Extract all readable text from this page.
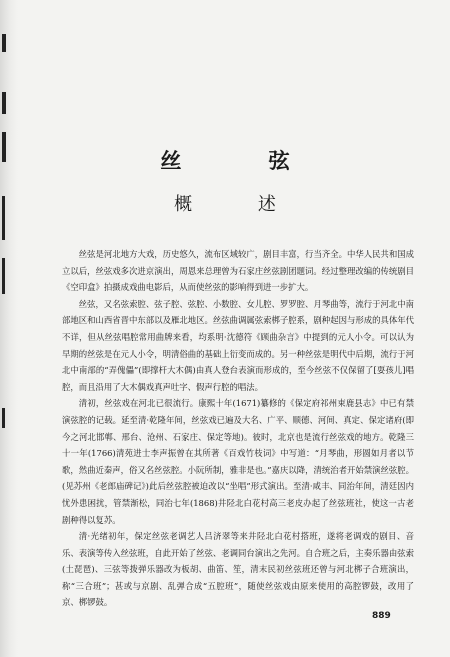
丝 弦
概 述

丝弦是河北地方大戏，历史悠久，流布区域较广，剧目丰富，行当齐全。中华人民共和国成立以后，丝弦戏多次进京演出，周恩来总理曾为石家庄丝弦剧团题词。经过整理改编的传统剧目《空印盒》拍摄成戏曲电影后，从而使丝弦的影响得到进一步扩大。

丝弦，又名弦索腔、弦子腔、弦腔、小数腔、女儿腔、罗罗腔、月琴曲等，流行于河北中南部地区和山西省晋中东部以及雁北地区。丝弦曲调属弦索梆子腔系，剧种起因与形成的具体年代不详，但从丝弦唱腔常用曲牌来看，均系明·沈德符《顾曲杂言》中提到的元人小令。可以认为早期的丝弦是在元人小令，明清俗曲的基础上衍变而成的。另一种丝弦是明代中后期，流行于河北中南部的“弄傀儡”(即撑杆大木偶)由真人登台表演而形成的，至今丝弦不仅保留了[耍孩儿]唱腔，而且沿用了大木偶戏真声吐字、假声行腔的唱法。

清初，丝弦戏在河北已很流行。康熙十年(1671)纂修的《保定府祁州束鹿县志》中已有禁演弦腔的记载。延至清·乾隆年间，丝弦戏已遍及大名、广平、顺德、河间、真定、保定诸府(即今之河北邯郸、邢台、沧州、石家庄、保定等地)。彼时，北京也是流行丝弦戏的地方。乾隆三十一年(1766)清苑进士李声振曾在其所著《百戏竹枝词》中写道：“月琴曲，形圆如月者以节歌，然曲近秦声，俗又名丝弦腔。小阮所制，雅非是也。”嘉庆以降，清统治者开始禁演丝弦腔。(见苏州《老郎庙碑记》)此后丝弦腔被迫改以“坐唱”形式演出。至清·咸丰、同治年间，清廷因内忧外患困扰，管禁渐松，同治七年(1868)井陉北白花村高三老皮办起了丝弦班社，使这一古老剧种得以复苏。

清·光绪初年，保定丝弦老调艺人吕济翠等来井陉北白花村搭班，遂将老调戏的剧目、音乐、表演等传入丝弦班，自此开始了丝弦、老调同台演出之先河。自合班之后，主奏乐器由弦索(土琵琶)、三弦等拨弹乐器改为板胡、曲笛、笙，清末民初丝弦班还曾与河北梆子合班演出，称“三合班”；甚或与京剧、乱弹合成“五腔班”，随使丝弦戏由原来使用的高腔锣鼓，改用了京、梆锣鼓。

889
